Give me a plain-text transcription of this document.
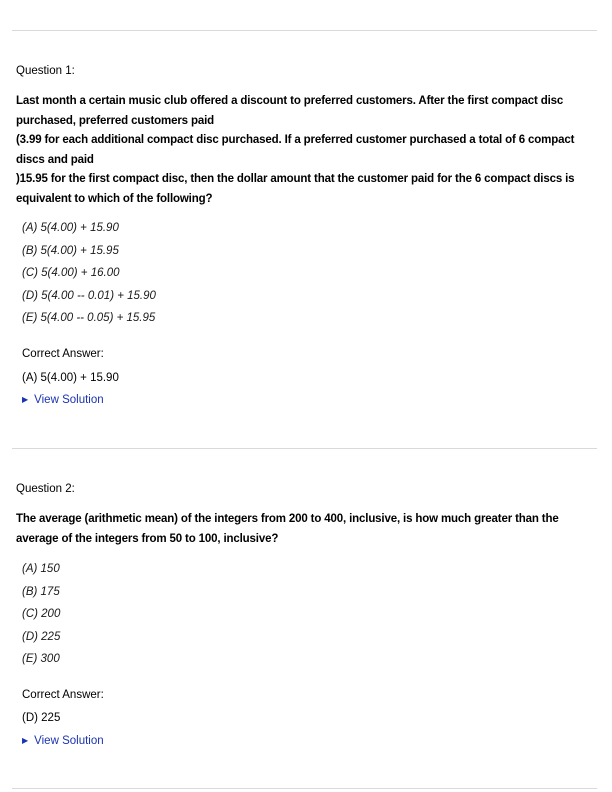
Question 1:

Last month a certain music club offered a discount to preferred customers. After the first compact disc purchased, preferred customers paid

(3.99 for each additional compact disc purchased. If a preferred customer purchased a total of 6 compact discs and paid

)15.95 for the first compact disc, then the dollar amount that the customer paid for the 6 compact discs is equivalent to which of the following?

(A) 5(4.00) + 15.90
(B) 5(4.00) + 15.95
(C) 5(4.00) + 16.00
(D) 5(4.00 -- 0.01) + 15.90
(E) 5(4.00 -- 0.05) + 15.95
Correct Answer:
(A) 5(4.00) + 15.90
▶ View Solution
Question 2:

The average (arithmetic mean) of the integers from 200 to 400, inclusive, is how much greater than the average of the integers from 50 to 100, inclusive?

(A) 150
(B) 175
(C) 200
(D) 225
(E) 300
Correct Answer:
(D) 225
▶ View Solution
